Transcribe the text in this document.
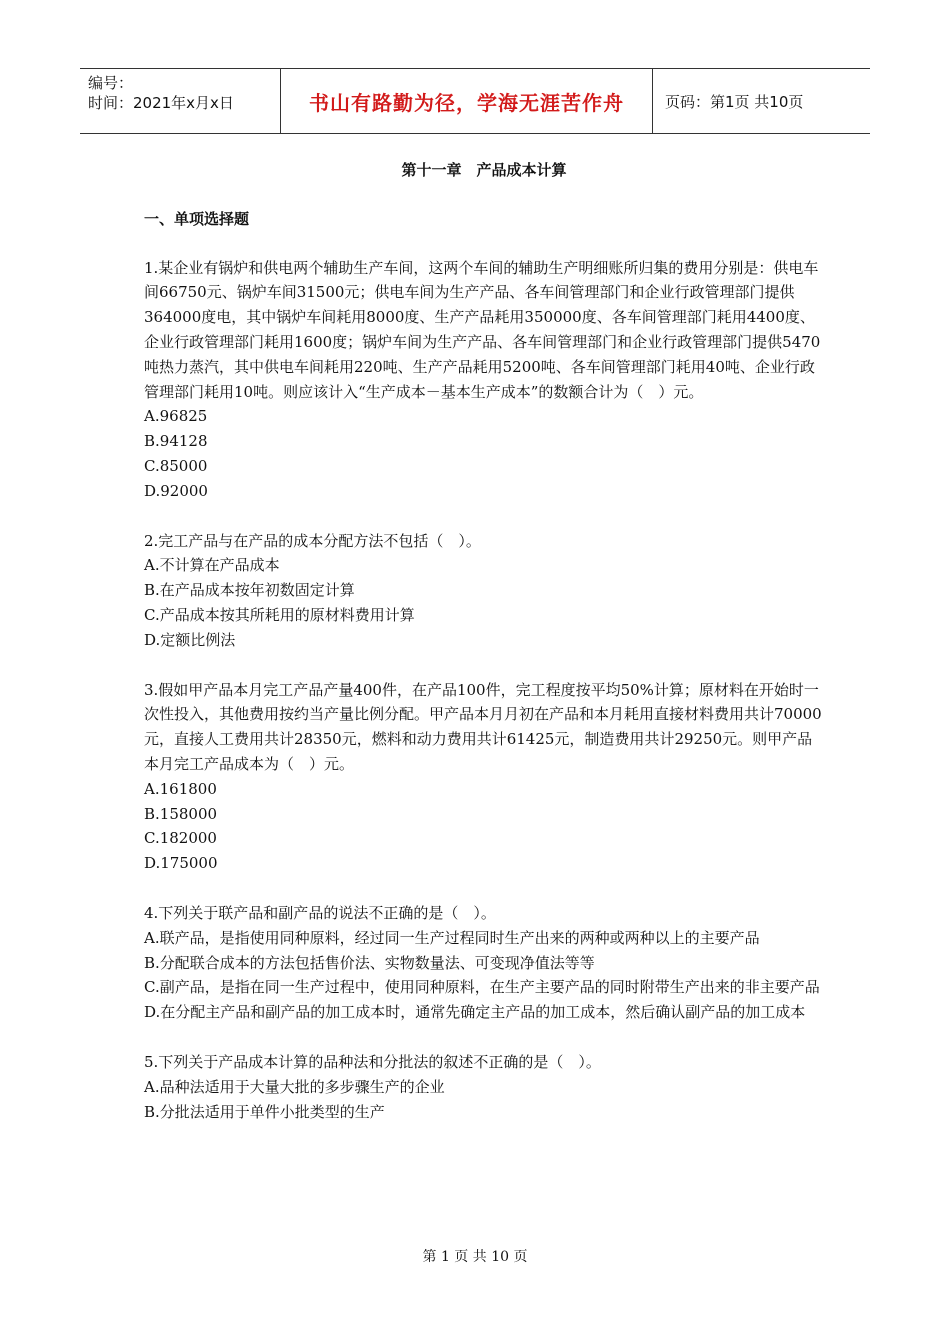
编号：
时间：2021年x月x日	书山有路勤为径，学海无涯苦作舟	页码：第1页 共10页
第十一章　产品成本计算
一、单项选择题
1.某企业有锅炉和供电两个辅助生产车间，这两个车间的辅助生产明细账所归集的费用分别是：供电车间66750元、锅炉车间31500元；供电车间为生产产品、各车间管理部门和企业行政管理部门提供364000度电，其中锅炉车间耗用8000度、生产产品耗用350000度、各车间管理部门耗用4400度、企业行政管理部门耗用1600度；锅炉车间为生产产品、各车间管理部门和企业行政管理部门提供5470吨热力蒸汽，其中供电车间耗用220吨、生产产品耗用5200吨、各车间管理部门耗用40吨、企业行政管理部门耗用10吨。则应该计入“生产成本－基本生产成本”的数额合计为（　）元。
A.96825
B.94128
C.85000
D.92000
2.完工产品与在产品的成本分配方法不包括（　）。
A.不计算在产品成本
B.在产品成本按年初数固定计算
C.产品成本按其所耗用的原材料费用计算
D.定额比例法
3.假如甲产品本月完工产品产量400件，在产品100件，完工程度按平均50%计算；原材料在开始时一次性投入，其他费用按约当产量比例分配。甲产品本月月初在产品和本月耗用直接材料费用共计70000元，直接人工费用共计28350元，燃料和动力费用共计61425元，制造费用共计29250元。则甲产品本月完工产品成本为（　）元。
A.161800
B.158000
C.182000
D.175000
4.下列关于联产品和副产品的说法不正确的是（　）。
A.联产品，是指使用同种原料，经过同一生产过程同时生产出来的两种或两种以上的主要产品
B.分配联合成本的方法包括售价法、实物数量法、可变现净值法等等
C.副产品，是指在同一生产过程中，使用同种原料，在生产主要产品的同时附带生产出来的非主要产品
D.在分配主产品和副产品的加工成本时，通常先确定主产品的加工成本，然后确认副产品的加工成本
5.下列关于产品成本计算的品种法和分批法的叙述不正确的是（　）。
A.品种法适用于大量大批的多步骤生产的企业
B.分批法适用于单件小批类型的生产
第 1 页 共 10 页
